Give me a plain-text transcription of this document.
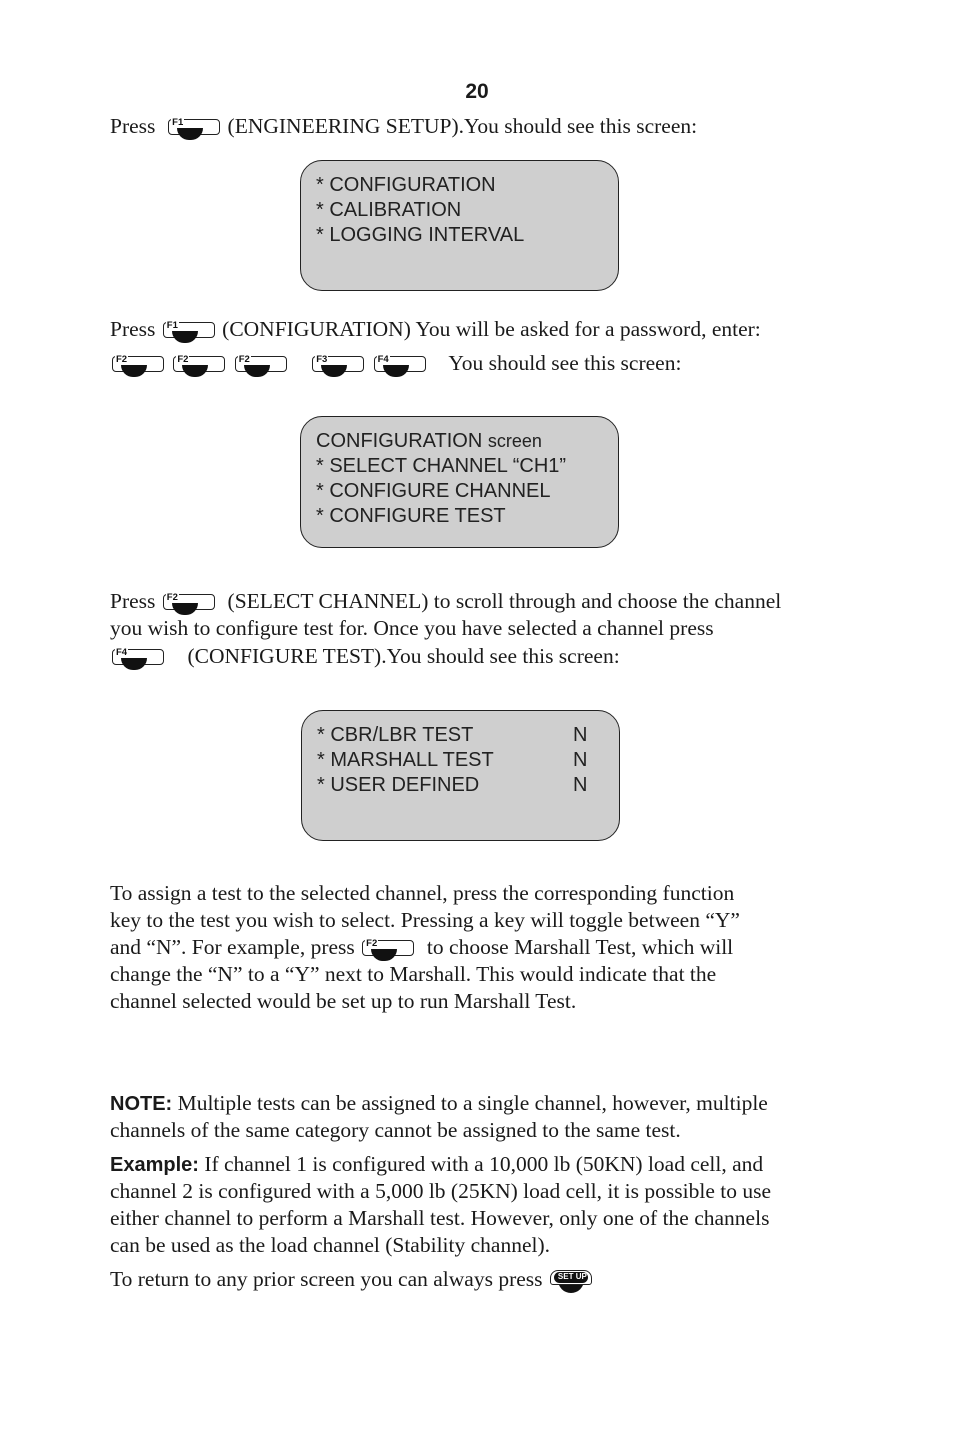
20
Press F1 (ENGINEERING SETUP).You should see this screen:
* CONFIGURATION
* CALIBRATION
* LOGGING INTERVAL
Press F1 (CONFIGURATION) You will be asked for a password, enter:
F2
	F2
	F2
	F3
	F4	You should see this screen:
CONFIGURATION screen
* SELECT CHANNEL “CH1”
* CONFIGURE CHANNEL
* CONFIGURE TEST
Press F2 (SELECT CHANNEL) to scroll through and choose the channel
you wish to configure test for. Once you have selected a channel press
F4	(CONFIGURE TEST).You should see this screen:
* CBR/LBR TEST	N
* MARSHALL TEST	N
* USER DEFINED	N
To assign a test to the selected channel, press the corresponding function
key to the test you wish to select. Pressing a key will toggle between “Y”
and “N”. For example, press F2 to choose Marshall Test, which will
change the “N” to a “Y” next to Marshall. This would indicate that the
channel selected would be set up to run Marshall Test.
NOTE: Multiple tests can be assigned to a single channel, however, multiple
channels of the same category cannot be assigned to the same test.
Example: If channel 1 is configured with a 10,000 lb (50KN) load cell, and
channel 2 is configured with a 5,000 lb (25KN) load cell, it is possible to use
either channel to perform a Marshall test. However, only one of the channels
can be used as the load channel (Stability channel).
To return to any prior screen you can always press SET UP
